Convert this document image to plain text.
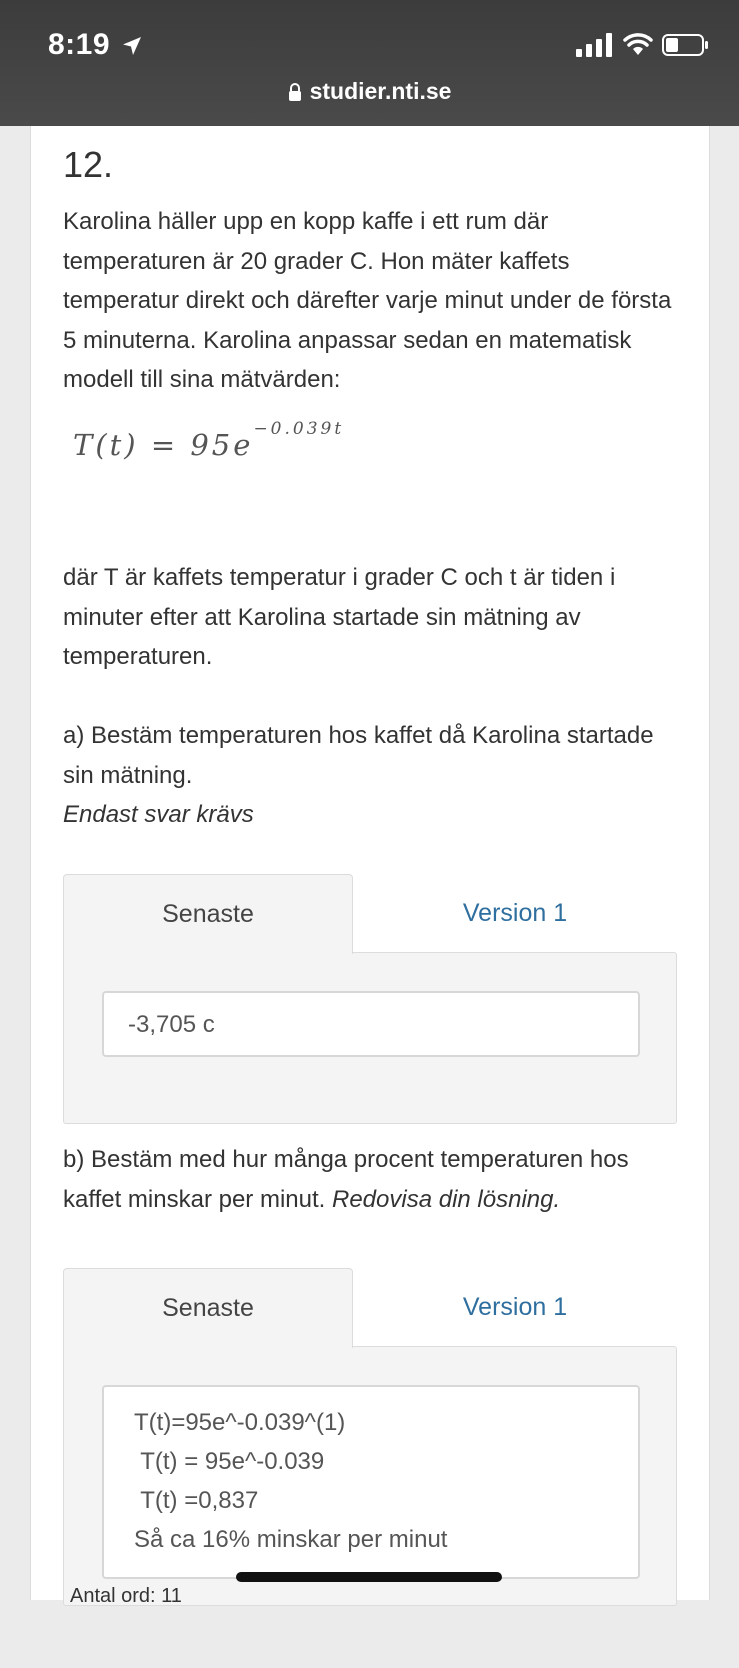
8:19
studier.nti.se
12.
Karolina häller upp en kopp kaffe i ett rum där temperaturen är 20 grader C. Hon mäter kaffets temperatur direkt och därefter varje minut under de första 5 minuterna. Karolina anpassar sedan en matematisk modell till sina mätvärden:
$T(t) = 95e^{-0.039t}$
där T är kaffets temperatur i grader C och t är tiden i minuter efter att Karolina startade sin mätning av temperaturen.
a) Bestäm temperaturen hos kaffet då Karolina startade sin mätning.
Endast svar krävs
Senaste	Version 1
-3,705 c
b) Bestäm med hur många procent temperaturen hos kaffet minskar per minut. Redovisa din lösning.
Senaste	Version 1
T(t)=95e^-0.039^(1)
T(t) = 95e^-0.039
T(t) =0,837
Så ca 16% minskar per minut
Antal ord: 11
